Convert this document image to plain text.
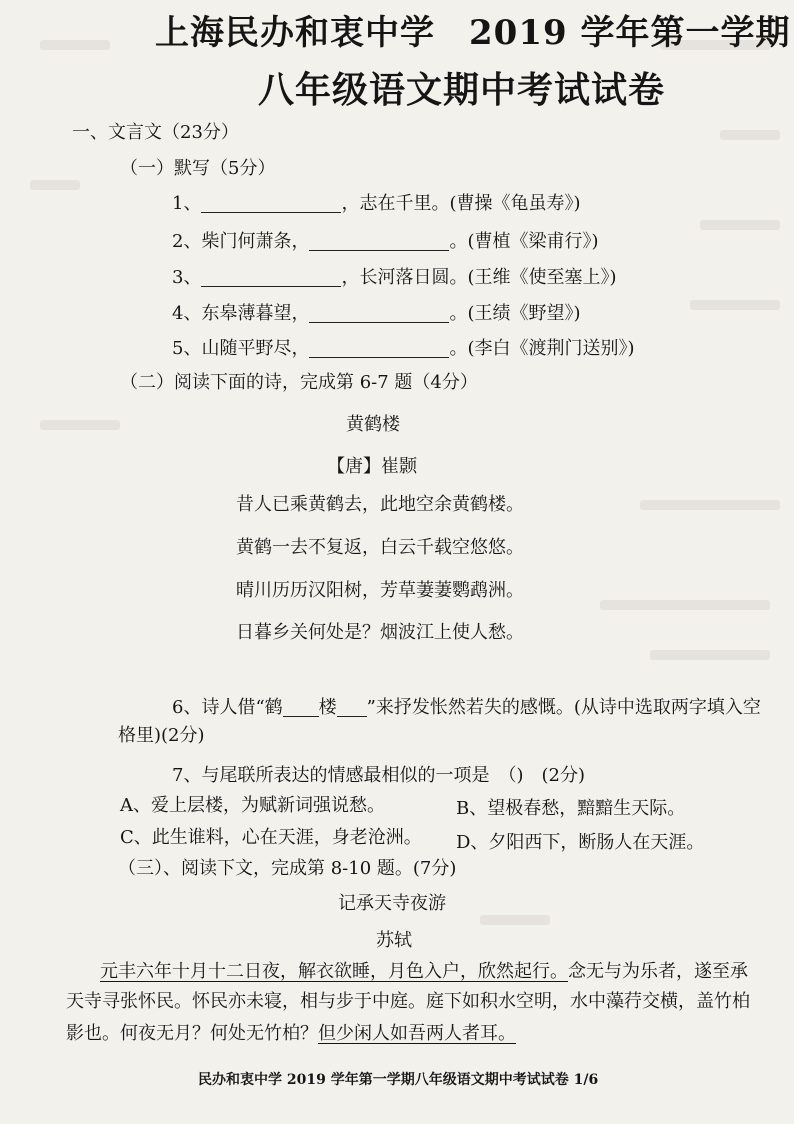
上海民办和衷中学 2019 学年第一学期
八年级语文期中考试试卷
一、文言文（23分）
（一）默写（5分）
1、	，志在千里。(曹操《龟虽寿》)
2、柴门何萧条，	。(曹植《梁甫行》)
3、	，长河落日圆。(王维《使至塞上》)
4、东皋薄暮望，	。(王绩《野望》)
5、山随平野尽，	。(李白《渡荆门送别》)
（二）阅读下面的诗，完成第 6-7 题（4分）
黄鹤楼
【唐】崔颢
昔人已乘黄鹤去，此地空余黄鹤楼。
黄鹤一去不复返，白云千载空悠悠。
晴川历历汉阳树，芳草萋萋鹦鹉洲。
日暮乡关何处是？烟波江上使人愁。
6、诗人借“鹤 楼 ”来抒发怅然若失的感慨。(从诗中选取两字填入空
格里)(2分)
7、与尾联所表达的情感最相似的一项是　（)　(2分)
A、爱上层楼，为赋新词强说愁。	B、望极春愁，黯黯生天际。
C、此生谁料，心在天涯，身老沧洲。 D、夕阳西下，断肠人在天涯。
（三）、阅读下文，完成第 8-10 题。(7分)
记承天寺夜游
苏轼
元丰六年十月十二日夜，解衣欲睡，月色入户，欣然起行。念无与为乐者，遂至承
天寺寻张怀民。怀民亦未寝，相与步于中庭。庭下如积水空明，水中藻荇交横，盖竹柏
影也。何夜无月？何处无竹柏？但少闲人如吾两人者耳。
民办和衷中学 2019 学年第一学期八年级语文期中考试试卷 1/6
